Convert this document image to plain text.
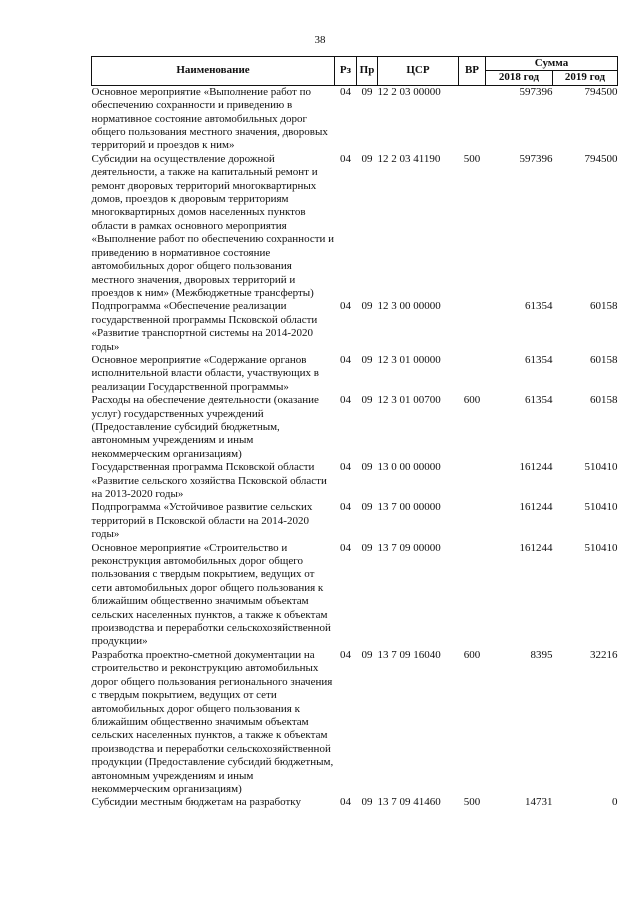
38
Наименование	Рз	Пр	ЦСР	ВР	Сумма	
					2018 год	2019 год
Основное мероприятие «Выполнение работ по обеспечению сохранности и приведению в нормативное состояние автомобильных дорог общего пользования местного значения, дворовых территорий и проездов к ним»	04	09	12 2 03 00000		597396	794500
Субсидии на осуществление дорожной деятельности, а также на капитальный ремонт и ремонт дворовых территорий многоквартирных домов, проездов к дворовым территориям многоквартирных домов населенных пунктов области в рамках основного мероприятия «Выполнение работ по обеспечению сохранности и приведению в нормативное состояние автомобильных дорог общего пользования местного значения, дворовых территорий и проездов к ним» (Межбюджетные трансферты)	04	09	12 2 03 41190	500	597396	794500
Подпрограмма «Обеспечение реализации государственной программы Псковской области «Развитие транспортной системы на 2014-2020 годы»	04	09	12 3 00 00000		61354	60158
Основное мероприятие «Содержание органов исполнительной власти области, участвующих в реализации Государственной программы»	04	09	12 3 01 00000		61354	60158
Расходы на обеспечение деятельности (оказание услуг) государственных учреждений (Предоставление субсидий бюджетным, автономным учреждениям и иным некоммерческим организациям)	04	09	12 3 01 00700	600	61354	60158
Государственная программа Псковской области «Развитие сельского хозяйства Псковской области на 2013-2020 годы»	04	09	13 0 00 00000		161244	510410
Подпрограмма «Устойчивое развитие сельских территорий в Псковской области на 2014-2020 годы»	04	09	13 7 00 00000		161244	510410
Основное мероприятие «Строительство и реконструкция автомобильных дорог общего пользования с твердым покрытием, ведущих от сети автомобильных дорог общего пользования к ближайшим общественно значимым объектам сельских населенных пунктов, а также к объектам производства и переработки сельскохозяйственной продукции»	04	09	13 7 09 00000		161244	510410
Разработка проектно-сметной документации на строительство и реконструкцию автомобильных дорог общего пользования регионального значения с твердым покрытием, ведущих от сети автомобильных дорог общего пользования к ближайшим общественно значимым объектам сельских населенных пунктов, а также к объектам производства и переработки сельскохозяйственной продукции (Предоставление субсидий бюджетным, автономным учреждениям и иным некоммерческим организациям)	04	09	13 7 09 16040	600	8395	32216
Субсидии местным бюджетам на разработку	04	09	13 7 09 41460	500	14731	0
